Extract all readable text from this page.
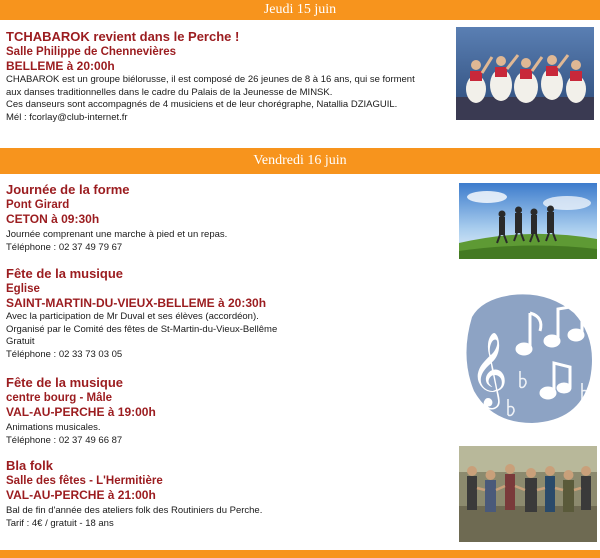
Jeudi 15 juin
TCHABAROK revient dans le Perche !
Salle Philippe de Chennevières
BELLEME à 20:00h
CHABAROK est un groupe biélorusse, il est composé de 26 jeunes de 8 à 16 ans, qui se forment
aux danses traditionnelles dans le cadre du Palais de la Jeunesse de MINSK.
Ces danseurs sont accompagnés de 4 musiciens et de leur chorégraphe, Natallia DZIAGUIL.
Mél : fcorlay@club-internet.fr
Vendredi 16 juin
Journée de la forme
Pont Girard
CETON à 09:30h
Journée comprenant une marche à pied et un repas.
Téléphone : 02 37 49 79 67
Fête de la musique
Eglise
SAINT-MARTIN-DU-VIEUX-BELLEME à 20:30h
Avec la participation de Mr Duval et ses élèves (accordéon).
Organisé par le Comité des fêtes de St-Martin-du-Vieux-Bellême
Gratuit
Téléphone : 02 33 73 03 05	𝄞
Fête de la musique
centre bourg - Mâle
VAL-AU-PERCHE à 19:00h
Animations musicales.
Téléphone : 02 37 49 66 87
Bla folk
Salle des fêtes - L'Hermitière
VAL-AU-PERCHE à 21:00h
Bal de fin d'année des ateliers folk des Routiniers du Perche.
Tarif : 4€ / gratuit - 18 ans
